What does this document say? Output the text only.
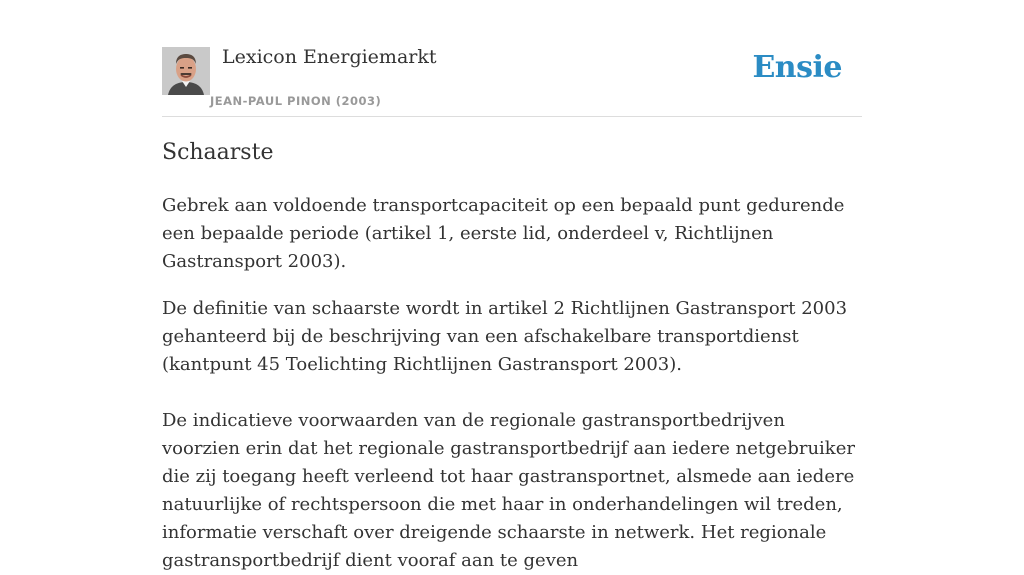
Lexicon Energiemarkt
JEAN-PAUL PINON (2003)
Ensie
Schaarste

Gebrek aan voldoende transportcapaciteit op een bepaald punt gedurende een bepaalde periode (artikel 1, eerste lid, onderdeel v, Richtlijnen Gastransport 2003).

De definitie van schaarste wordt in artikel 2 Richtlijnen Gastransport 2003 gehanteerd bij de beschrijving van een afschakelbare transportdienst (kantpunt 45 Toelichting Richtlijnen Gastransport 2003).

De indicatieve voorwaarden van de regionale gastransportbedrijven voorzien erin dat het regionale gastransportbedrijf aan iedere netgebruiker die zij toegang heeft verleend tot haar gastransportnet, alsmede aan iedere natuurlijke of rechtspersoon die met haar in onderhandelingen wil treden, informatie verschaft over dreigende schaarste in netwerk. Het regionale gastransportbedrijf dient vooraf aan te geven
